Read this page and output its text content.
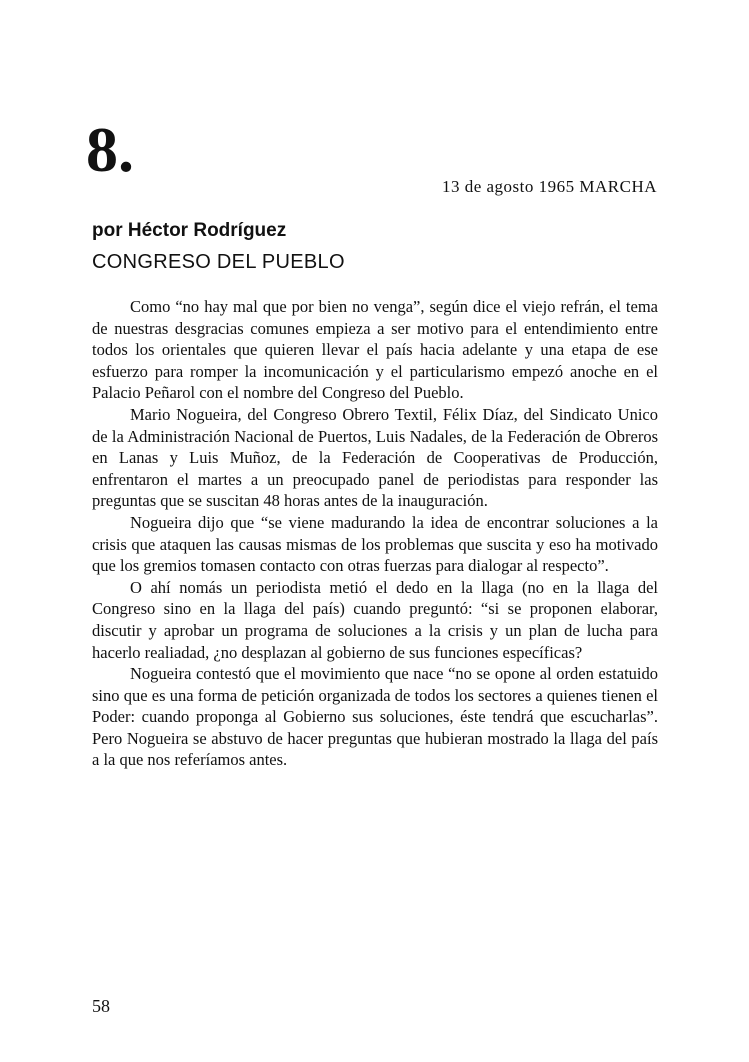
8.
13 de agosto 1965 MARCHA
por Héctor Rodríguez
CONGRESO DEL PUEBLO

Como “no hay mal que por bien no venga”, según dice el viejo refrán, el tema de nuestras desgracias comunes empieza a ser motivo para el entendimiento entre todos los orientales que quieren llevar el país hacia adelante y una etapa de ese esfuerzo para romper la incomunicación y el particularismo empezó anoche en el Palacio Peñarol con el nombre del Congreso del Pueblo.

Mario Nogueira, del Congreso Obrero Textil, Félix Díaz, del Sindicato Unico de la Administración Nacional de Puertos, Luis Nadales, de la Federación de Obreros en Lanas y Luis Muñoz, de la Federación de Cooperativas de Producción, enfrentaron el martes a un preocupado panel de periodistas para responder las preguntas que se suscitan 48 horas antes de la inauguración.

Nogueira dijo que “se viene madurando la idea de encontrar soluciones a la crisis que ataquen las causas mismas de los problemas que suscita y eso ha motivado que los gremios tomasen contacto con otras fuerzas para dialogar al respecto”.

O ahí nomás un periodista metió el dedo en la llaga (no en la llaga del Congreso sino en la llaga del país) cuando preguntó: “si se proponen elaborar, discutir y aprobar un programa de soluciones a la crisis y un plan de lucha para hacerlo realiadad, ¿no desplazan al gobierno de sus funciones específicas?

Nogueira contestó que el movimiento que nace “no se opone al orden estatuido sino que es una forma de petición organizada de todos los sectores a quienes tienen el Poder: cuando proponga al Gobierno sus soluciones, éste tendrá que escucharlas”. Pero Nogueira se abstuvo de hacer preguntas que hubieran mostrado la llaga del país a la que nos referíamos antes.

58
